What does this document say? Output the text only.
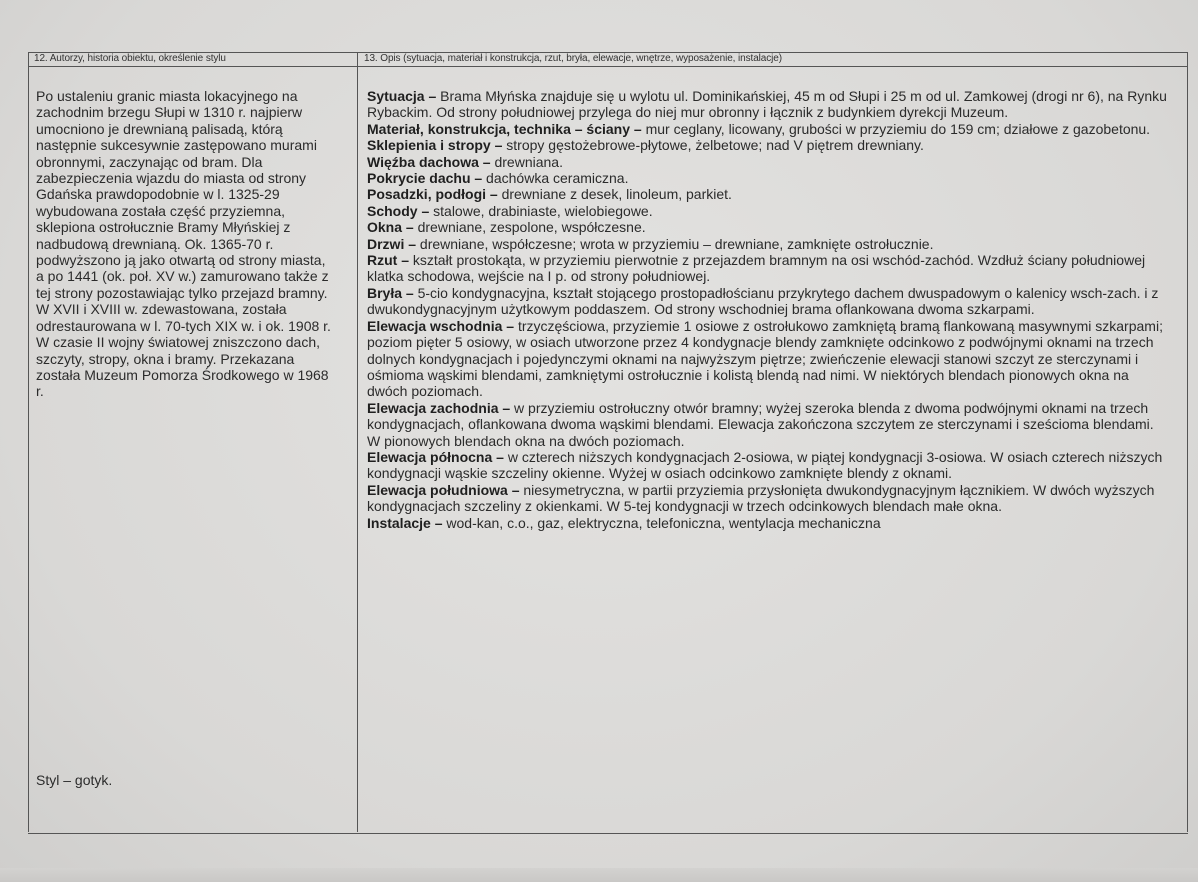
12. Autorzy, historia obiektu, określenie stylu	13. Opis (sytuacja, materiał i konstrukcja, rzut, bryła, elewacje, wnętrze, wyposażenie, instalacje)
Po ustaleniu granic miasta lokacyjnego na zachodnim brzegu Słupi w 1310 r. najpierw umocniono je drewnianą palisadą, którą następnie sukcesywnie zastępowano murami obronnymi, zaczynając od bram. Dla zabezpieczenia wjazdu do miasta od strony Gdańska prawdopodobnie w l. 1325-29 wybudowana została część przyziemna, sklepiona ostrołucznie Bramy Młyńskiej z nadbudową drewnianą. Ok. 1365-70 r. podwyższono ją jako otwartą od strony miasta, a po 1441 (ok. poł. XV w.) zamurowano także z tej strony pozostawiając tylko przejazd bramny. W XVII i XVIII w. zdewastowana, została odrestaurowana w l. 70-tych XIX w. i ok. 1908 r. W czasie II wojny światowej zniszczono dach, szczyty, stropy, okna i bramy. Przekazana została Muzeum Pomorza Środkowego w 1968 r.
Styl – gotyk.

Sytuacja – Brama Młyńska znajduje się u wylotu ul. Dominikańskiej, 45 m od Słupi i 25 m od ul. Zamkowej (drogi nr 6), na Rynku Rybackim. Od strony południowej przylega do niej mur obronny i łącznik z budynkiem dyrekcji Muzeum.

Materiał, konstrukcja, technika – ściany – mur ceglany, licowany, grubości w przyziemiu do 159 cm; działowe z gazobetonu.

Sklepienia i stropy – stropy gęstożebrowe-płytowe, żelbetowe; nad V piętrem drewniany.

Więźba dachowa – drewniana.

Pokrycie dachu – dachówka ceramiczna.

Posadzki, podłogi – drewniane z desek, linoleum, parkiet.

Schody – stalowe, drabiniaste, wielobiegowe.

Okna – drewniane, zespolone, współczesne.

Drzwi – drewniane, współczesne; wrota w przyziemiu – drewniane, zamknięte ostrołucznie.

Rzut – kształt prostokąta, w przyziemiu pierwotnie z przejazdem bramnym na osi wschód-zachód. Wzdłuż ściany południowej klatka schodowa, wejście na I p. od strony południowej.

Bryła – 5-cio kondygnacyjna, kształt stojącego prostopadłościanu przykrytego dachem dwuspadowym o kalenicy wsch-zach. i z dwukondygnacyjnym użytkowym poddaszem. Od strony wschodniej brama oflankowana dwoma szkarpami.

Elewacja wschodnia – trzyczęściowa, przyziemie 1 osiowe z ostrołukowo zamkniętą bramą flankowaną masywnymi szkarpami; poziom pięter 5 osiowy, w osiach utworzone przez 4 kondygnacje blendy zamknięte odcinkowo z podwójnymi oknami na trzech dolnych kondygnacjach i pojedynczymi oknami na najwyższym piętrze; zwieńczenie elewacji stanowi szczyt ze sterczynami i ośmioma wąskimi blendami, zamkniętymi ostrołucznie i kolistą blendą nad nimi. W niektórych blendach pionowych okna na dwóch poziomach.

Elewacja zachodnia – w przyziemiu ostrołuczny otwór bramny; wyżej szeroka blenda z dwoma podwójnymi oknami na trzech kondygnacjach, oflankowana dwoma wąskimi blendami. Elewacja zakończona szczytem ze sterczynami i sześcioma blendami. W pionowych blendach okna na dwóch poziomach.

Elewacja północna – w czterech niższych kondygnacjach 2-osiowa, w piątej kondygnacji 3-osiowa. W osiach czterech niższych kondygnacji wąskie szczeliny okienne. Wyżej w osiach odcinkowo zamknięte blendy z oknami.

Elewacja południowa – niesymetryczna, w partii przyziemia przysłonięta dwukondygnacyjnym łącznikiem. W dwóch wyższych kondygnacjach szczeliny z okienkami. W 5-tej kondygnacji w trzech odcinkowych blendach małe okna.

Instalacje – wod-kan, c.o., gaz, elektryczna, telefoniczna, wentylacja mechaniczna
